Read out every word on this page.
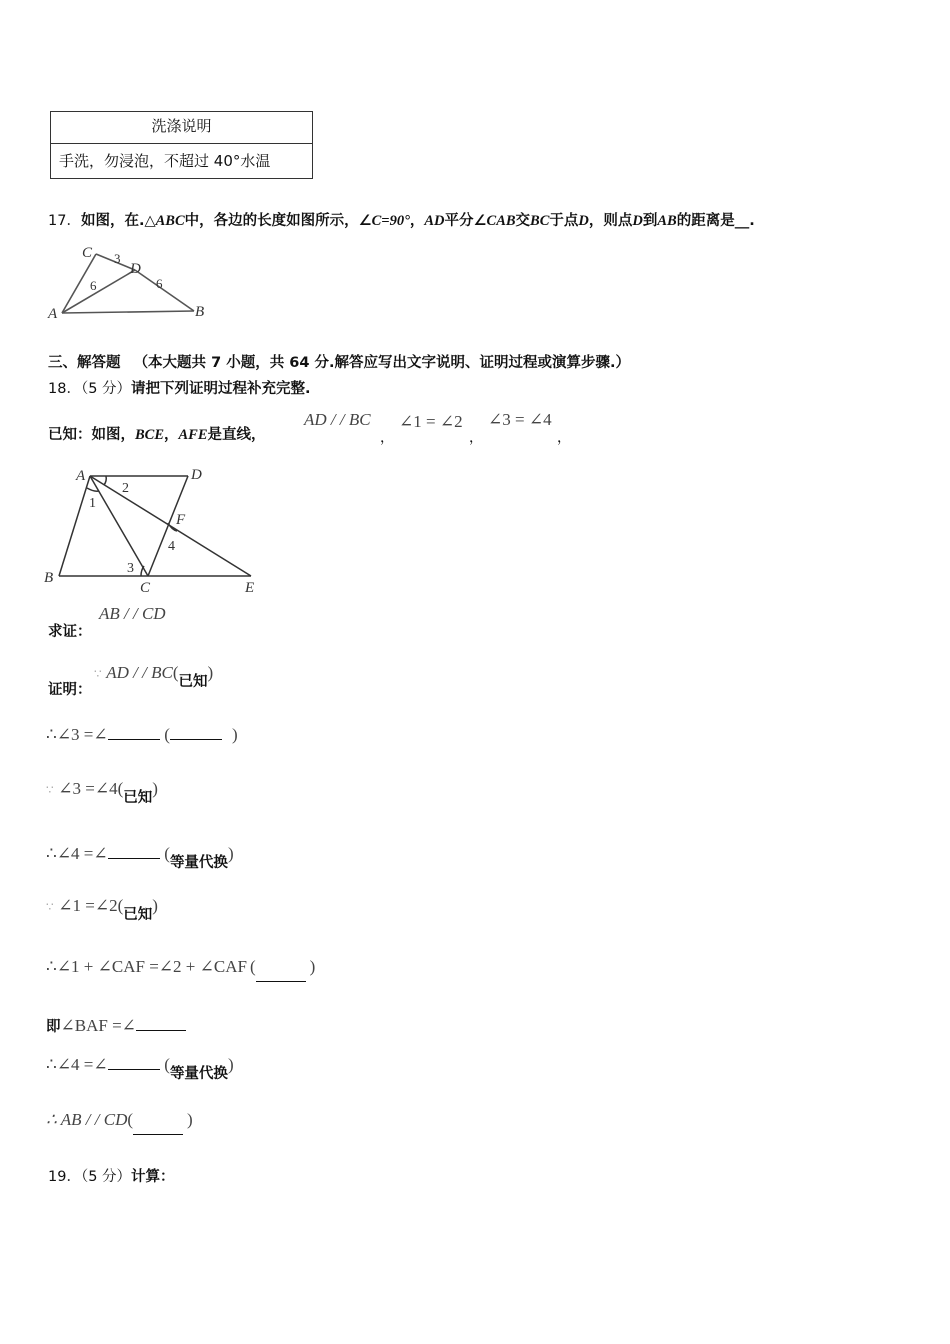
洗涤说明
手洗，勿浸泡，不超过 40°水温
17．如图，在.△ABC中，各边的长度如图所示，∠C=90°，AD平分∠CAB交BC于点D，则点D到AB的距离是__.
C
D
A	B
3
6	6
三、解答题 （本大题共 7 小题，共 64 分.解答应写出文字说明、证明过程或演算步骤.）
18．（5 分）请把下列证明过程补充完整.
已知：如图，BCE，AFE是直线，
AD / / BC
，
∠1 = ∠2
，
∠3 = ∠4
，
A	D
F
B
C	E
1
2
3
4
求证：
AB / / CD
证明：
∵ AD / / BC(已知)
∴∠3 =∠	(	)
∵ ∠3 =∠4(已知)
∴∠4 =∠	(等量代换)
∵ ∠1 =∠2(已知)
∴∠1 + ∠CAF =∠2 + ∠CAF (	)
即∠BAF =∠
∴∠4 =∠	(等量代换)
∴ AB / / CD(	)
19．（5 分）计算：
